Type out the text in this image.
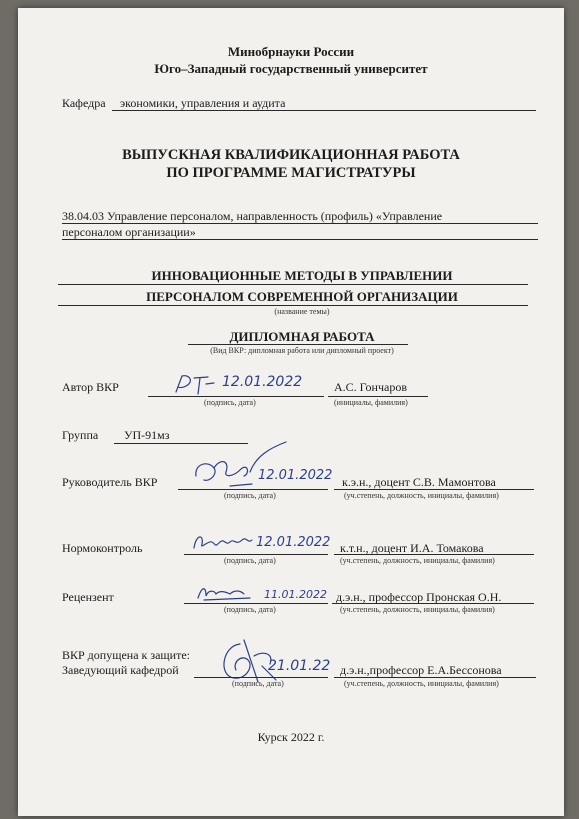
Минобрнауки России
Юго–Западный государственный университет
Кафедра экономики, управления и аудита
ВЫПУСКНАЯ КВАЛИФИКАЦИОННАЯ РАБОТА
ПО ПРОГРАММЕ МАГИСТРАТУРЫ
38.04.03 Управление персоналом, направленность (профиль) «Управление
персоналом организации»
ИННОВАЦИОННЫЕ МЕТОДЫ В УПРАВЛЕНИИ
ПЕРСОНАЛОМ СОВРЕМЕННОЙ ОРГАНИЗАЦИИ
(название темы)
ДИПЛОМНАЯ РАБОТА
(Вид ВКР: дипломная работа или дипломный проект)
Автор ВКР	12.01.2022	А.С. Гончаров
(подпись, дата)	(инициалы, фамилия)
Группа УП-91мз
Руководитель ВКР	12.01.2022 к.э.н., доцент С.В. Мамонтова
(подпись, дата)	(уч.степень, должность, инициалы, фамилия)
Нормоконтроль	12.01.2022 к.т.н., доцент И.А. Томакова
(подпись, дата)	(уч.степень, должность, инициалы, фамилия)
Рецензент	11.01.2022 д.э.н., профессор Пронская О.Н.
(подпись, дата)	(уч.степень, должность, инициалы, фамилия)
ВКР допущена к защите:
Заведующий кафедрой	21.01.22 д.э.н.,профессор Е.А.Бессонова
(подпись, дата)	(уч.степень, должность, инициалы, фамилия)
Курск 2022 г.
